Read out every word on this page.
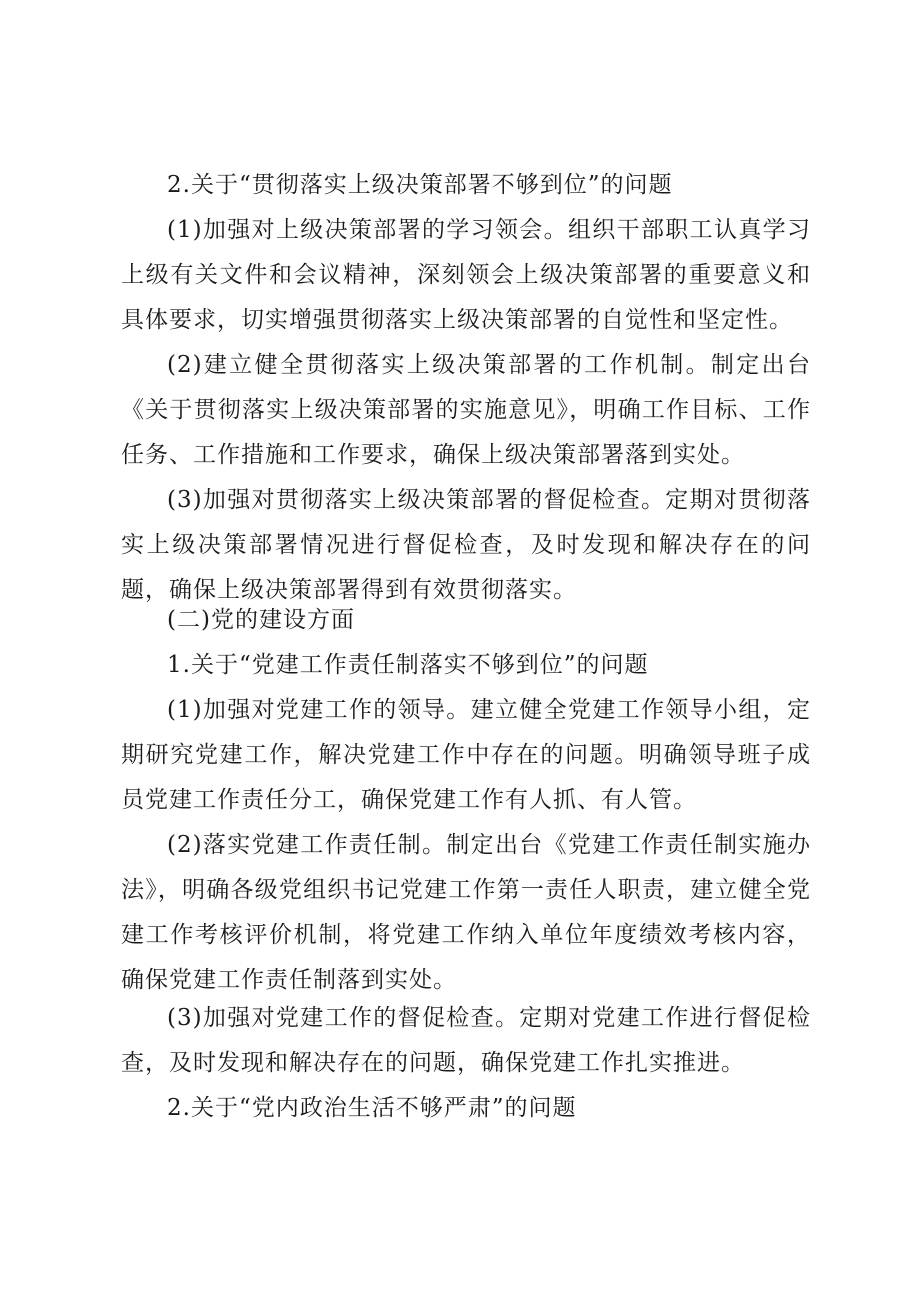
2.关于“贯彻落实上级决策部署不够到位”的问题

(1)加强对上级决策部署的学习领会。组织干部职工认真学习上级有关文件和会议精神，深刻领会上级决策部署的重要意义和具体要求，切实增强贯彻落实上级决策部署的自觉性和坚定性。

(2)建立健全贯彻落实上级决策部署的工作机制。制定出台《关于贯彻落实上级决策部署的实施意见》，明确工作目标、工作任务、工作措施和工作要求，确保上级决策部署落到实处。

(3)加强对贯彻落实上级决策部署的督促检查。定期对贯彻落实上级决策部署情况进行督促检查，及时发现和解决存在的问题，确保上级决策部署得到有效贯彻落实。

(二)党的建设方面

1.关于“党建工作责任制落实不够到位”的问题

(1)加强对党建工作的领导。建立健全党建工作领导小组，定期研究党建工作，解决党建工作中存在的问题。明确领导班子成员党建工作责任分工，确保党建工作有人抓、有人管。

(2)落实党建工作责任制。制定出台《党建工作责任制实施办法》，明确各级党组织书记党建工作第一责任人职责，建立健全党建工作考核评价机制，将党建工作纳入单位年度绩效考核内容，确保党建工作责任制落到实处。

(3)加强对党建工作的督促检查。定期对党建工作进行督促检查，及时发现和解决存在的问题，确保党建工作扎实推进。

2.关于“党内政治生活不够严肃”的问题
